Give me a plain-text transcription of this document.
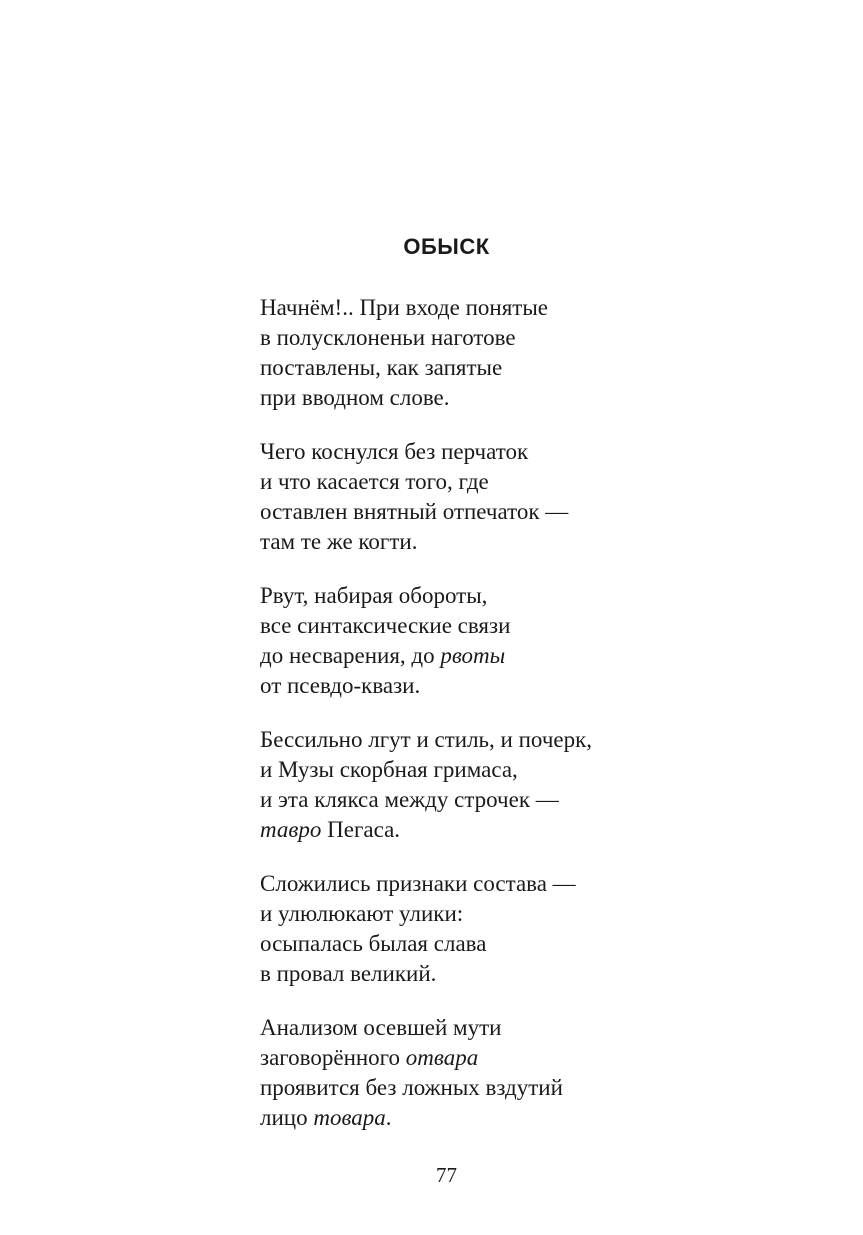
ОБЫСК
Начнём!.. При входе понятые
в полусклоненьи наготове
поставлены, как запятые
при вводном слове.
Чего коснулся без перчаток
и что касается того, где
оставлен внятный отпечаток —
там те же когти.
Рвут, набирая обороты,
все синтаксические связи
до несварения, до рвоты
от псевдо-квази.
Бессильно лгут и стиль, и почерк,
и Музы скорбная гримаса,
и эта клякса между строчек —
тавро Пегаса.
Сложились признаки состава —
и улюлюкают улики:
осыпалась былая слава
в провал великий.
Анализом осевшей мути
заговорённого отвара
проявится без ложных вздутий
лицо товара.
77
